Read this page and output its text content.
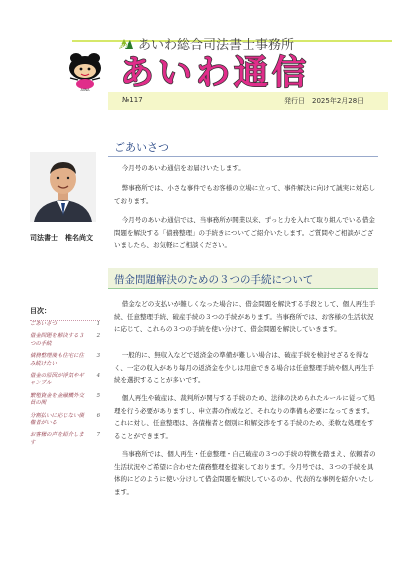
AW あいわ総合司法書士事務所
AIWA あいわ通信
№117	発行日　2025年2月28日
司法書士　椎名尚文
ごあいさつ
今月号のあいわ通信をお届けいたします。
弊事務所では、小さな事件でもお客様の立場に立って、事件解決に向けて誠実に対応しております。
今月号のあいわ通信では、当事務所が開業以来、ずっと力を入れて取り組んでいる借金問題を解決する「債務整理」の手続きについてご紹介いたします。ご質問やご相談がございましたら、お気軽にご相談ください。
借金問題解決のための３つの手続について
借金などの支払いが難しくなった場合に、借金問題を解決する手段として、個人再生手続、任意整理手続、破産手続の３つの手続があります。当事務所では、お客様の生活状況に応じて、これらの３つの手続を使い分けて、借金問題を解決していきます。
一般的に、無収入などで返済金の準備が難しい場合は、破産手続を検討せざるを得なく、一定の収入があり毎月の返済金を少しは用意できる場合は任意整理手続や個人再生手続を選択することが多いです。
個人再生や破産は、裁判所が関与する手続のため、法律の決められたルールに従って処理を行う必要がありますし、申立書の作成など、それなりの準備も必要になってきます。これに対し、任意整理は、各債権者と個別に和解交渉をする手続のため、柔軟な処理をすることができます。
当事務所では、個人再生・任意整理・自己破産の３つの手続の特徴を踏まえ、依頼者の生活状況やご希望に合わせた債務整理を提案しております。今月号では、３つの手続を具体的にどのように使い分けして借金問題を解決しているのか、代表的な事例を紹介いたします。
目次：
ごあいさつ	1
借金問題を解決する３つの手続
2
債務整理後も住宅に住み続けたい
3
借金の原因が浮気やギャンブル
4
繁殖資金を金融機外交員の関
5
分割払いに応じない債権者がいる
6
お客様の声を紹介します
7
